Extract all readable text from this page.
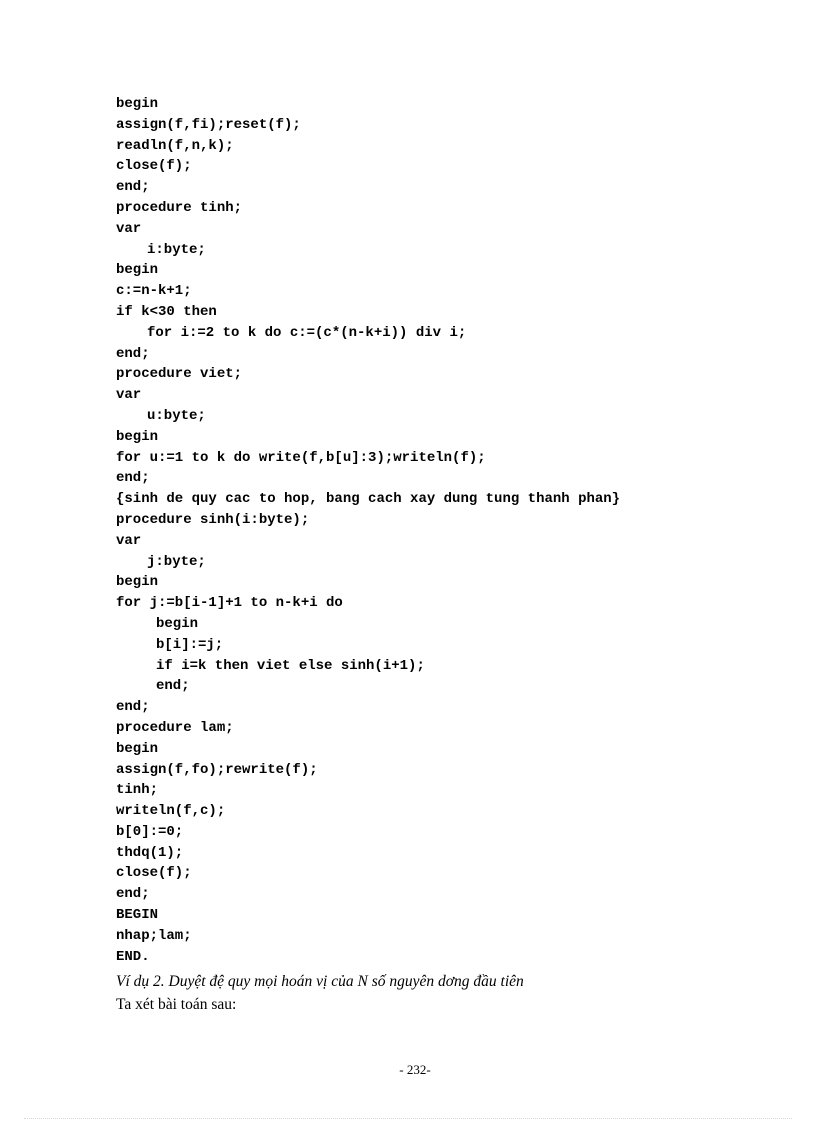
begin
assign(f,fi);reset(f);
readln(f,n,k);
close(f);
end;
procedure tinh;
var
i:byte;
begin
c:=n-k+1;
if k<30 then
for i:=2 to k do c:=(c*(n-k+i)) div i;
end;
procedure viet;
var
u:byte;
begin
for u:=1 to k do write(f,b[u]:3);writeln(f);
end;
{sinh de quy cac to hop, bang cach xay dung tung thanh phan}
procedure sinh(i:byte);
var
j:byte;
begin
for j:=b[i-1]+1 to n-k+i do
begin
b[i]:=j;
if i=k then viet else sinh(i+1);
end;
end;
procedure lam;
begin
assign(f,fo);rewrite(f);
tinh;
writeln(f,c);
b[0]:=0;
thdq(1);
close(f);
end;
BEGIN
nhap;lam;
END.
Ví dụ 2. Duyệt đệ quy mọi hoán vị của N số nguyên dơng đầu tiên
Ta xét bài toán sau:
- 232-
